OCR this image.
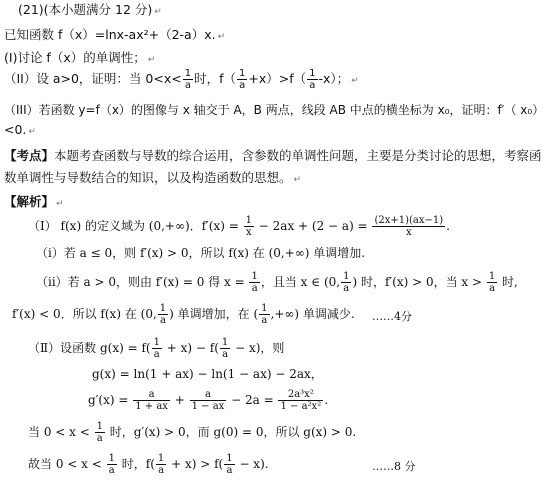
(21)(本小题满分 12 分) ↵
已知函数 f（x）=lnx-ax²+（2-a）x. ↵
(I)讨论 f（x）的单调性； ↵
（II）设 a>0，证明：当 $0<x< \frac{1}{a}$ 时，$f( \frac{1}{a} +x)>f( \frac{1}{a} -x)$； ↵
（III）若函数 y=f（x）的图像与 x 轴交于 A，B 两点，线段 AB 中点的横坐标为 x₀，证明：f′（ x₀）
<0. ↵
【考点】本题考查函数与导数的综合运用，含参数的单调性问题，主要是分类讨论的思想，考察函
数单调性与导数结合的知识，以及构造函数的思想。 ↵
【解析】 ↵
（Ⅰ） f(x) 的定义域为 (0,+∞)．$f'(x) = \frac{1}{x} - 2ax + (2 - a) = \frac{(2x+1)(ax-1)}{x}$ .
（ⅰ）若 a ≤ 0，则 f′(x) > 0，所以 f(x) 在 (0,+∞) 单调增加.
（ⅱ）若 a > 0，则由 f′(x) = 0 得 $x = \frac{1}{a}$ ，且当 x ∈ (0, $\frac{1}{a}$ ) 时，f′(x) > 0，当 $x > \frac{1}{a}$ 时,
f′(x) < 0．所以 f(x) 在 (0, $\frac{1}{a}$ ) 单调增加，在 ( $\frac{1}{a}$ ,+∞) 单调减少. ……4分
（Ⅱ）设函数 $g(x) = f( \frac{1}{a} + x) - f( \frac{1}{a} - x)$，则
g(x) = ln(1 + ax) − ln(1 − ax) − 2ax，
$g'(x) = \frac{a}{1 + ax} + \frac{a}{1 - ax} - 2a = \frac{\text{2a³x²}}{\text{1 − a²x²}}$ .
当 $0 < x < \frac{1}{a}$ 时，g′(x) > 0，而 g(0) = 0，所以 g(x) > 0.
故当 $0 < x < \frac{1}{a}$ 时，$f( \frac{1}{a} + x) > f( \frac{1}{a} - x)$.	……8 分
